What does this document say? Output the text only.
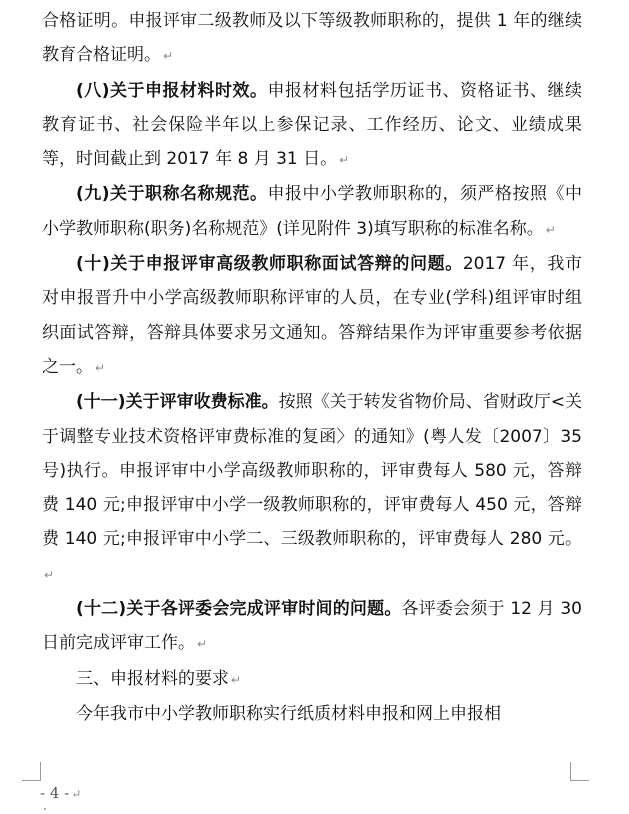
合格证明。申报评审二级教师及以下等级教师职称的，提供 1 年的继续教育合格证明。 ↵

(八)关于申报材料时效。申报材料包括学历证书、资格证书、继续教育证书、社会保险半年以上参保记录、工作经历、论文、业绩成果等，时间截止到 2017 年 8 月 31 日。 ↵

(九)关于职称名称规范。申报中小学教师职称的，须严格按照《中小学教师职称(职务)名称规范》(详见附件 3)填写职称的标准名称。 ↵

(十)关于申报评审高级教师职称面试答辩的问题。2017 年，我市对申报晋升中小学高级教师职称评审的人员，在专业(学科)组评审时组织面试答辩，答辩具体要求另文通知。答辩结果作为评审重要参考依据之一。 ↵

(十一)关于评审收费标准。按照《关于转发省物价局、省财政厅<关于调整专业技术资格评审费标准的复函〉的通知》(粤人发〔2007〕35 号)执行。申报评审中小学高级教师职称的，评审费每人 580 元，答辩费 140 元;申报评审中小学一级教师职称的，评审费每人 450 元，答辩费 140 元;申报评审中小学二、三级教师职称的，评审费每人 280 元。↵

(十二)关于各评委会完成评审时间的问题。各评委会须于 12 月 30 日前完成评审工作。 ↵

三、申报材料的要求 ↵

今年我市中小学教师职称实行纸质材料申报和网上申报相

- 4 - ↵
